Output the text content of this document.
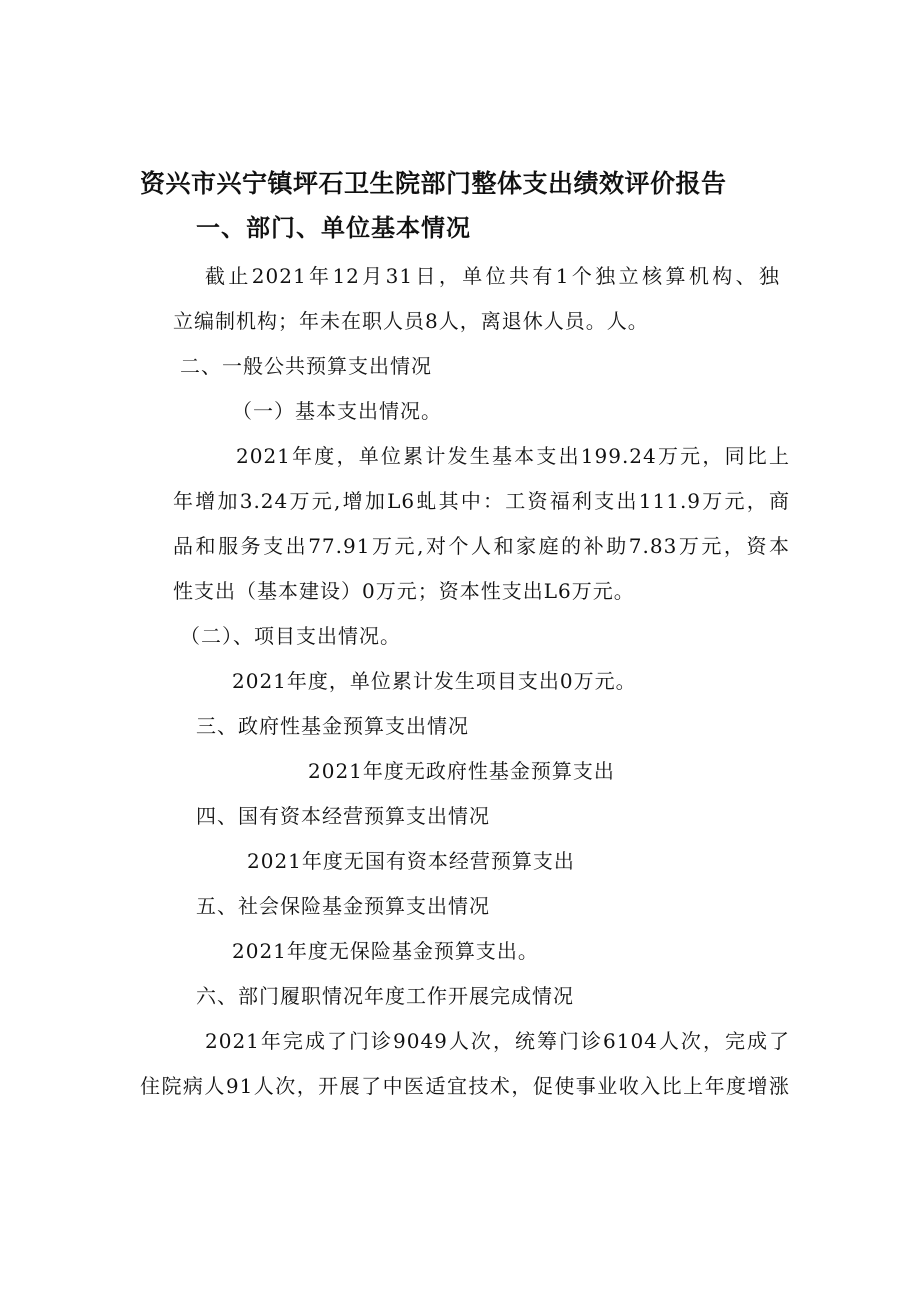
资兴市兴宁镇坪石卫生院部门整体支出绩效评价报告
一、部门、单位基本情况
截止2021年12月31日，单位共有1个独立核算机构、独
立编制机构；年未在职人员8人，离退休人员。人。
二、一般公共预算支出情况
（一）基本支出情况。
2021年度，单位累计发生基本支出199.24万元，同比上
年增加3.24万元,增加L6虬其中：工资福利支出111.9万元，商
品和服务支出77.91万元,对个人和家庭的补助7.83万元，资本
性支出（基本建设）0万元；资本性支出L6万元。
（二）、项目支出情况。
2021年度，单位累计发生项目支出0万元。
三、政府性基金预算支出情况
2021年度无政府性基金预算支出
四、国有资本经营预算支出情况
2021年度无国有资本经营预算支出
五、社会保险基金预算支出情况
2021年度无保险基金预算支出。
六、部门履职情况年度工作开展完成情况
2021年完成了门诊9049人次，统筹门诊6104人次，完成了
住院病人91人次，开展了中医适宜技术，促使事业收入比上年度增涨
